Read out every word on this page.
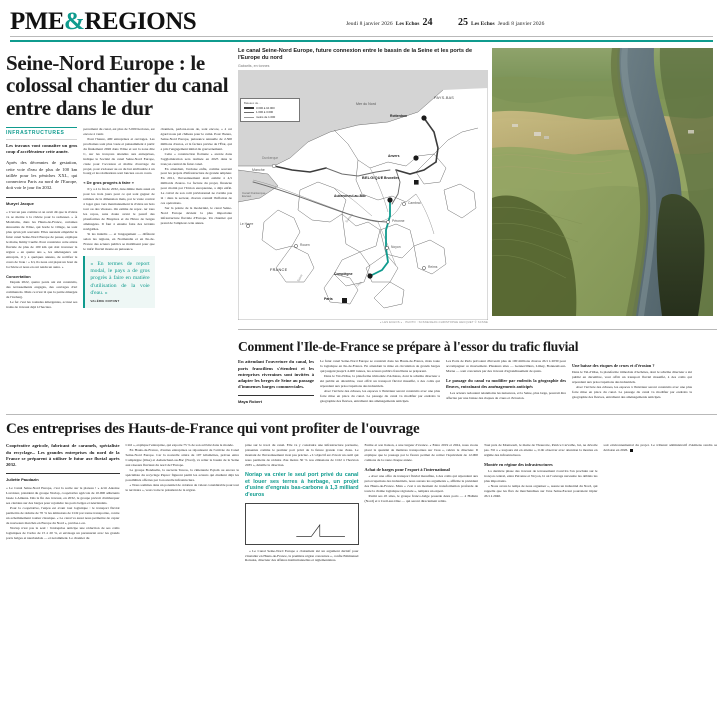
PME&REGIONS	Jeudi 8 janvier 2026 Les Echos 24	25 Les Echos Jeudi 8 janvier 2026
Seine-Nord Europe : le colossal chantier du canal entre dans le dur
INFRASTRUCTURES
Les travaux vont connaître un gros coup d'accélérateur cette année.
Après des décennies de gestation, cette voie d'eau de plus de 100 km taillée pour les péniches XXL, qui connectera Paris au nord de l'Europe, doit voir le jour fin 2032.
Muryel Jacque

« C'est un peu comme si on avait dit que la rivière va se mettre à la rivière pour la redresser. » À Moislains, dans les Hauts-de-France, certaines sinuosités de l'Oise, qui borde le village, ne sont plus qu'un joli souvenir. Elles auraient empêché le futur canal Seine-Nord Europe de passer, explique le maire, Rémy Cuellé. Pour construire cette artère fluviale de plus de 100 km qui doit traverser la région « en quatre ans », les aménageurs ont entrepris, il y a quelques années, de rectifier le cours de l'eau : « Ici, ils nous ont piqué un bout de la rivière et nous en ont rendu un autre. »

Concertation

Depuis 2022, quatre ponts ont été construits, des terrassements engagés, des ouvrages d'art commencés. Mais ce n'est là que la partie émergée de l'iceberg.

Le fer c'est les roulades émergentes, accusé ses trains de travaux déjà à l'hectare.

percement du canal, est plus de 5.000 hectares, est encore à venir.

Pour l'heure, 400 entreprises et ouvrages. Les prochaines sont plus vaste et puissamment à partir du finalement 2026 dans l'Oise et sur la zone dite C, sur les tronçons attendus aux entreprises, indique le Société du canal Seine-Nord Europe, créée pour l'occasion et maître d'ouvrage du projet, pour s'adosser au ou du but attribuable à un bourg et les réalisations sont lancées ou en cours.

« De gros progrès à faire »

Il y a à la fin de 2032, date-limite mais aussi en pour les trois jours pour ce qui sont gagner de remises de la dimension mais, par le vaste contrat à loger gare vers mentionnement la rivière un bois tout ou des vitesses. On estime de repor- ter tous les repos, sans doute avant le passif des plateformes de Bruyères et du Havre de berges aménagées. Il faut à ensuite faire des terrains navigables.

Si les intérêts — et l'engagement — diffèrent selon les régions, en Normandie et en Ile-de-France des acteurs publics se mobilisent pour que le trafic fluvial monte en puissance.

« En termes de report modal, le pays a de gros progrès à faire en matière d'utilisation de la voie d'eau. »
VALÉRIE DUPONT

chantiers, parlons-nous de, sont encore, « à cet égard nous pal château pour le camé. Pour l'heure, Seine-Nord Europe, puissance annuelle de 2.500 millions d'euros, et la facture prévue de l'État, qui a pris l'engagement initial du gouvernement.

Cette « construction flottante » ancrée dans l'agglomération sera réalisée en 2025 dans le tronçon central du futur canal.

En attendant, l'ardoise enfle, comme souvent pour les projets d'infrastructure de grande ampleur. En 2011, l'investissement était estimé à 4,5 milliards d'euros. La facture du projet, financée pour moitié par l'Union européenne, a déjà enflé. Le calcul de son coût prévisionnel ne s'arrête pas là : dans le secteur, chacun connaît l'inflation de ces opérations.

Sur la pointe de la modernité, le canal Seine-Nord Europe devient la plus importante infrastructure fluviale d'Europe. Un chantier qui prend de l'ampleur cette année.

Le canal Seine-Nord Europe, future connexion entre le bassin de la Seine et les ports de l'Europe du nord
Gabarits, en tonnes
Bateaux de...
3.000 à 10.000
1.000 à 3.000
moins de 1.000
Mer du Nord
Manche
PAYS-BAS
BELGIQUE
FRANCE
Rotterdam
Anvers
Bruxelles
Dunkerque
Canal Dunkerque-Escaut	Aubencheul-au-Bac
Cambrai
Péronne
Noyon
Compiègne
Paris
Rouen
Le Havre
Reims
Somme
Seine
Oise
« LES ECHOS » · PHOTO : SCSNE/JEAN-CHRISTOPHE HECQUET © SCSNE
Comment l'Ile-de-France se prépare à l'essor du trafic fluvial
En attendant l'ouverture du canal, les ports franciliens s'étendent et les entreprises riveraines sont invitées à adapter les berges de Seine au passage d'immenses barges commerciales.
Maya Robert

Le futur canal Seine-Nord Europe se construit dans les Hauts-de-France, mais toute la logistique en Ile-de-France. En attendant la mise en circulation de grands barges qui jaugent jusqu'à 4.400 tonnes, les acteurs publics franciliens se préparent.

Dans le Val-d'Oise, la plateforme trimodale d'Achères, dont le schéma directeur a été publié en décembre, veut offrir un transport fluvial massifié, à des coûts qui répondent aux préoccupations des industriels.

Avec l'arrivée des écluses, les espaces à l'intérieur seront construits avec une plus forte mise en place du canal. Le passage du canal va modifier par endroits la géographie des fleuves, entraînant des aménagements anticipés.

Les Ports de Paris prévoient d'investir plus de 100 millions d'euros d'ici à 2030 pour accompagner ce mouvement. Plusieurs sites — Gennevilliers, Limay, Bonneuil-sur-Marne — sont concernés par des travaux d'agrandissement de quais.

Le passage du canal va modifier par endroits la géographie des fleuves, entraînant des aménagements anticipés

Les acteurs redoutent néanmoins les nuisances, et la Seine, plus large, pourrait être affectée par une baisse des risques de crues et d'érosion.

Une baisse des risques de crues et d'érosion ?

Dans le Val-d'Oise, la plateforme trimodale d'Achères, dont le schéma directeur a été publié en décembre, veut offrir un transport fluvial massifié, à des coûts qui répondent aux préoccupations des industriels.

Avec l'arrivée des écluses, les espaces à l'intérieur seront construits avec une plus forte mise en place du canal. Le passage du canal va modifier par endroits la géographie des fleuves, entraînant des aménagements anticipés.

Ces entreprises des Hauts-de-France qui vont profiter de l'ouvrage
Coopérative agricole, fabricant de caramels, spécialiste du recyclage... Les grandes entreprises du nord de la France se préparent à utiliser le futur axe fluvial après 2032.
Juliette Paudazin

« Le Canal Seine-Nord Europe, c'est la sortie sur le plateau ! » écrit Antoine Lavoisier, président du groupe Noriap, coopérative agricole de 10.000 adhérents basée à Amiens. Dès la fin des travaux, en 2032, le groupe prévoit d'embarquer ses céréales sur des barges pour rejoindre les ports belges et néerlandais.

Pour la coopérative, l'enjeu est avant tout logistique : le transport fluvial permettra de réduire de 70 % les émissions de CO2 par tonne transportée, contre un acheminement routier classique. « Le canal va aussi nous permettre de capter de nouveaux marchés en Europe du Nord », précise-t-on.

Noriap n'est pas le seul : l'entreprise anticipe une réduction de ses coûts logistiques de l'ordre de 15 à 20 %, et envisage un partenariat avec les grands ports belges et néerlandais — et notamment. Le chantier du

CO2 », explique l'entreprise, qui exporte 75 % de son activité dans le monde.

En Hauts-de-France, d'autres entreprises se réjouissent de l'arrivée du Canal Seine-Nord Europe. Car la nouvelle artère de 107 kilomètres, prévue entre Compiègne (Oise) et Aubencheul-au-Bac (Nord), va relier le bassin de la Seine aux réseaux fluviaux du nord de l'Europe.

Le groupe Bonduelle, la sucrerie Tereos, la cimenterie Eqiom ou encore le spécialiste du recyclage Paprec figurent parmi les acteurs qui étudient déjà les possibilités offertes par la nouvelle infrastructure.

« Nous sommes dans un potentiel de création de valeur considérable pour tout le territoire », veut croire le président de la région.

prise sur le tracé du canal. Elle va y construire une infrastructure portuaire, présentée comme le premier port privé de la future grande voie d'eau. Le montant de l'investissement n'est pas précisé. « L'objectif est d'avoir un outil qui nous permette de réduire d'au moins 30 % nos émissions de CO2 à l'horizon 2035 », détaille la direction.

Noriap va créer le seul port privé du canal et louer ses terres à herbage, un projet d'usine d'engrais bas-carbone à 1,3 milliard d'euros

« Le Canal Seine-Nord Europe a clairement été un argument décisif pour s'installer en Hauts-de-France, la première région concernée », confie Emmanuel Rotsaka, directeur des affaires institutionnelles et réglementaires.

Ferme et son liaison, a une largeur d'avance. « Entre 2019 et 2024, nous avons placé la quantité de matières transportées sur l'eau », relève le directeur. Il explique que le passage par le fleuve permet de retirer l'équivalent de 12.000 camions de la route chaque année.

Achat de barges pour l'export à l'international

« Avec une offre de transport fluvial massifiée, à des coûts qui répondent aux préoccupations des industriels, nous aurons les arguments », affirme le président des Hauts-de-France. Mais « c'est à un moment de transformation profonde de toute la chaîne logistique régionale », tempère un expert.

Parmi ses 45 sites, le groupe franco-belge possède deux ports — à Halluin (Nord) et à Creil-sur-Oise — qui seront directement reliés.

Tout près de Montsoult, le maire de Thourotte, Patrice Carvalho, lui, ne dévoile pas. S'il a « toujours été en attente », il dit observer avec attention la montée en régime des infrastructures.

Montée en régime des infrastructures

La dernière phase des travaux de terrassement s'ouvrira l'an prochain sur le tronçon central, entre Péronne et Noyon, là où l'ouvrage nécessite les déblais les plus importants.

« Nous avons le temps de nous organiser », assure un industriel du Nord, qui rappelle que les flux de marchandises sur l'axe Seine-Escaut pourraient tripler d'ici à 2040.

soit environnemental du projet. Le tribunal administratif d'Amiens rendra sa décision en 2026.
